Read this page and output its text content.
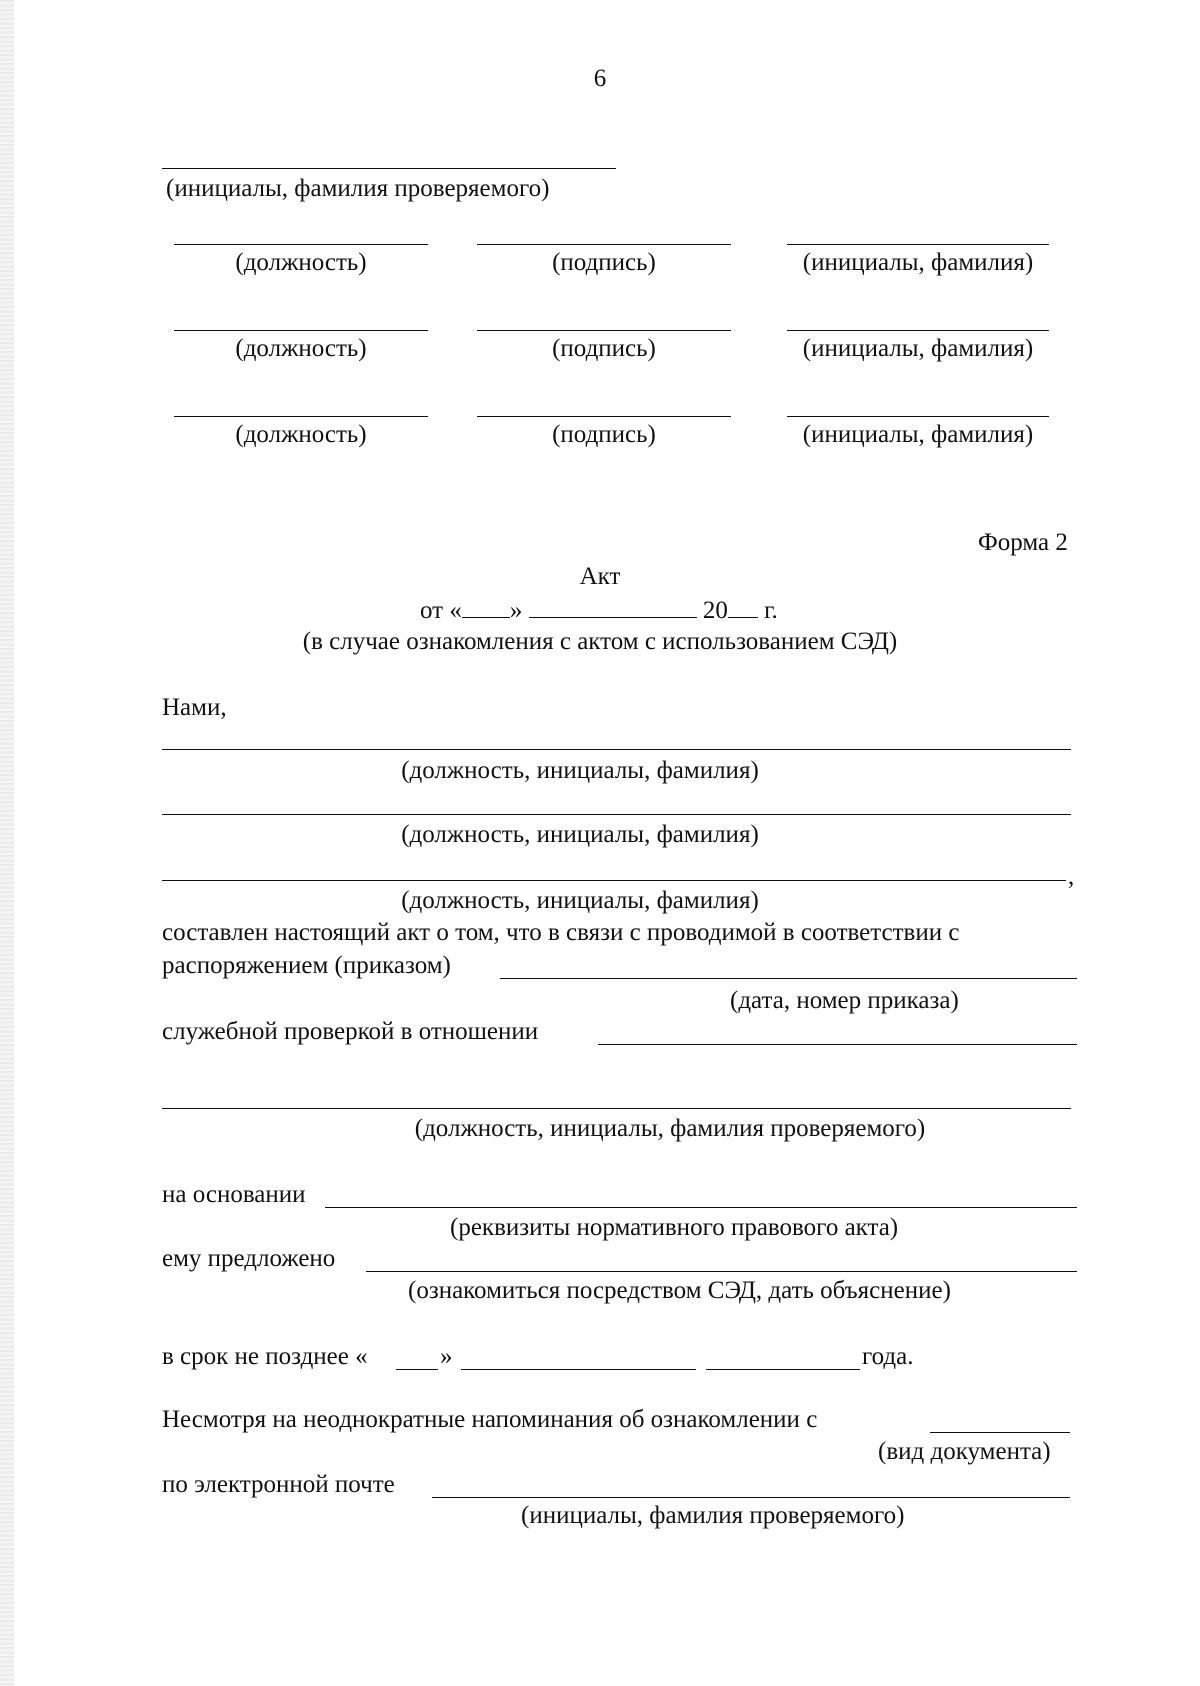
6
(инициалы, фамилия проверяемого)
(должность)	(подпись)	(инициалы, фамилия)
(должность)	(подпись)	(инициалы, фамилия)
(должность)	(подпись)	(инициалы, фамилия)
Форма 2
Акт
от « »	20 г.
(в случае ознакомления с актом с использованием СЭД)
Нами,
(должность, инициалы, фамилия)
(должность, инициалы, фамилия)
,
(должность, инициалы, фамилия)
составлен настоящий акт о том, что в связи с проводимой в соответствии с
распоряжением (приказом)
(дата, номер приказа)
служебной проверкой в отношении
(должность, инициалы, фамилия проверяемого)
на основании
(реквизиты нормативного правового акта)
ему предложено
(ознакомиться посредством СЭД, дать объяснение)
в срок не позднее «	»	года.
Несмотря на неоднократные напоминания об ознакомлении с
(вид документа)
по электронной почте
(инициалы, фамилия проверяемого)
